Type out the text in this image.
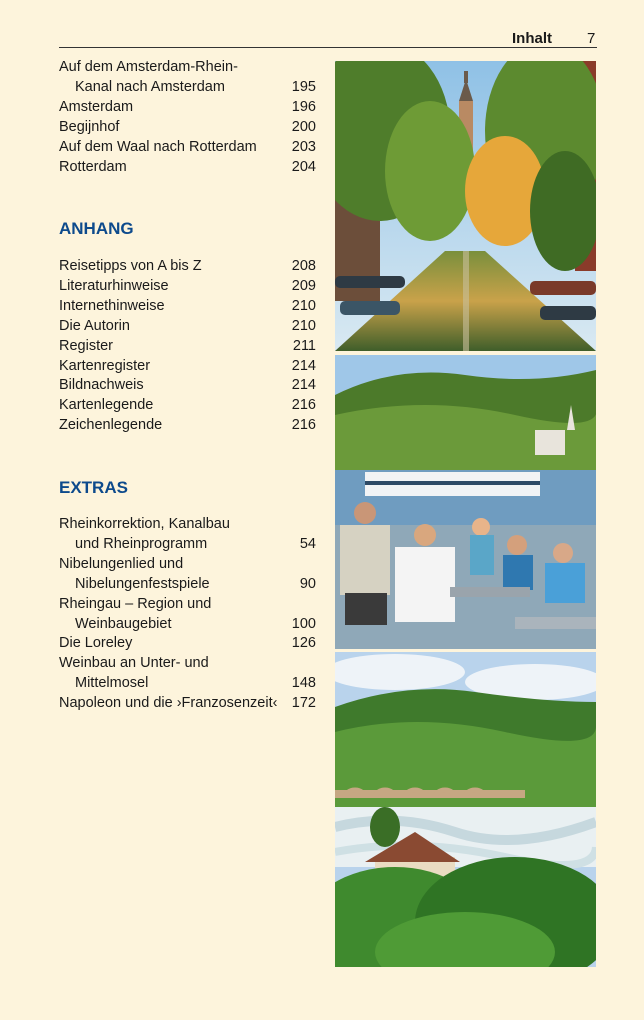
Inhalt 7
Auf dem Amsterdam-Rhein-
Kanal nach Amsterdam	195
Amsterdam	196
Begijnhof	200
Auf dem Waal nach Rotterdam	203
Rotterdam	204
ANHANG
Reisetipps von A bis Z	208
Literaturhinweise	209
Internethinweise	210
Die Autorin	210
Register	211
Kartenregister	214
Bildnachweis	214
Kartenlegende	216
Zeichenlegende	216
EXTRAS
Rheinkorrektion, Kanalbau
und Rheinprogramm	54
Nibelungenlied und
Nibelungenfestspiele	90
Rheingau – Region und
Weinbaugebiet	100
Die Loreley	126
Weinbau an Unter- und
Mittelmosel	148
Napoleon und die ›Franzosenzeit‹ 172
